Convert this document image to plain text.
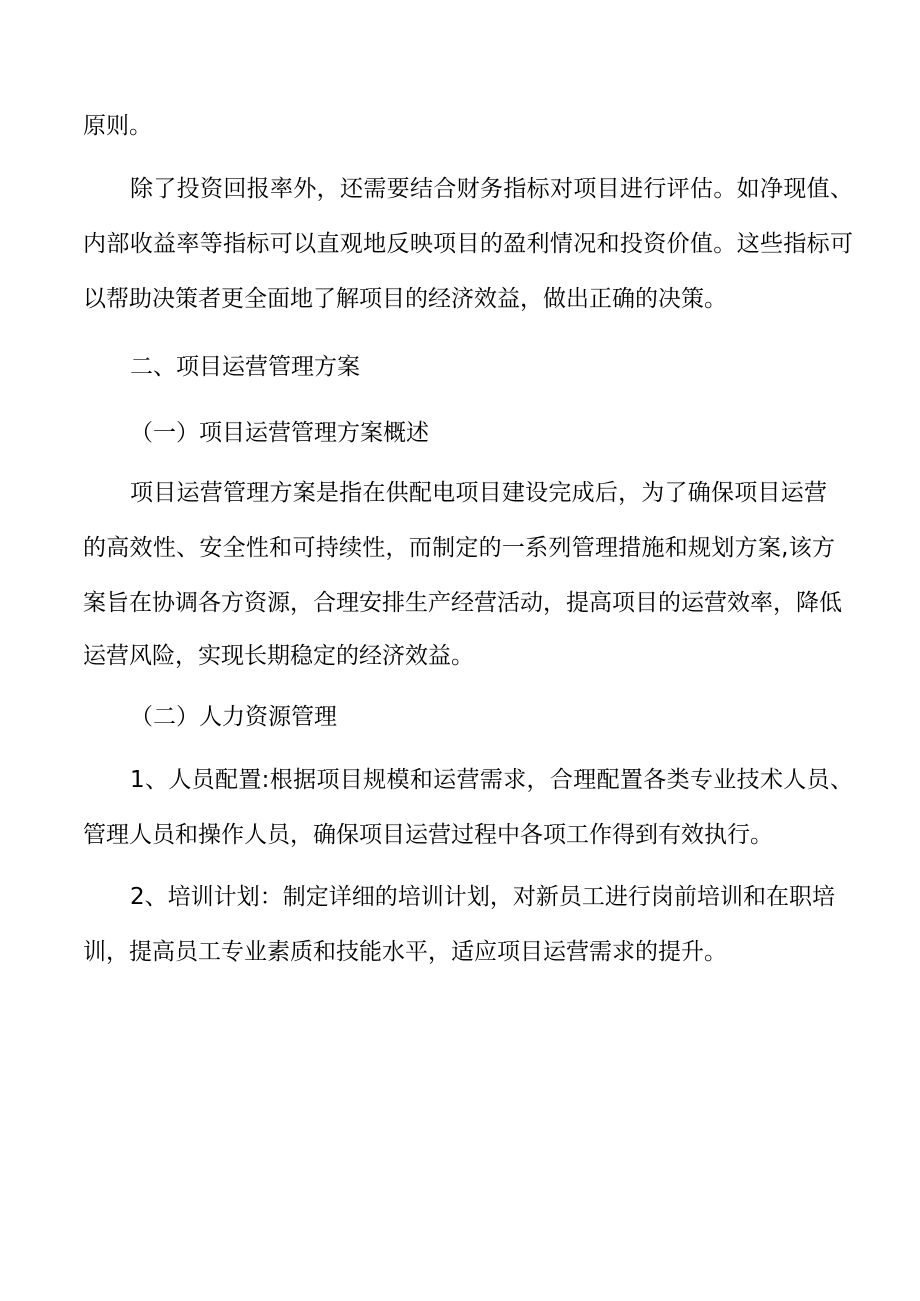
原则。
除了投资回报率外，还需要结合财务指标对项目进行评估。如净现值、
内部收益率等指标可以直观地反映项目的盈利情况和投资价值。这些指标可
以帮助决策者更全面地了解项目的经济效益，做出正确的决策。
二、项目运营管理方案
（一）项目运营管理方案概述
项目运营管理方案是指在供配电项目建设完成后，为了确保项目运营
的高效性、安全性和可持续性，而制定的一系列管理措施和规划方案,该方
案旨在协调各方资源，合理安排生产经营活动，提高项目的运营效率，降低
运营风险，实现长期稳定的经济效益。
（二）人力资源管理
1、人员配置:根据项目规模和运营需求，合理配置各类专业技术人员、
管理人员和操作人员，确保项目运营过程中各项工作得到有效执行。
2、培训计划：制定详细的培训计划，对新员工进行岗前培训和在职培
训，提高员工专业素质和技能水平，适应项目运营需求的提升。
